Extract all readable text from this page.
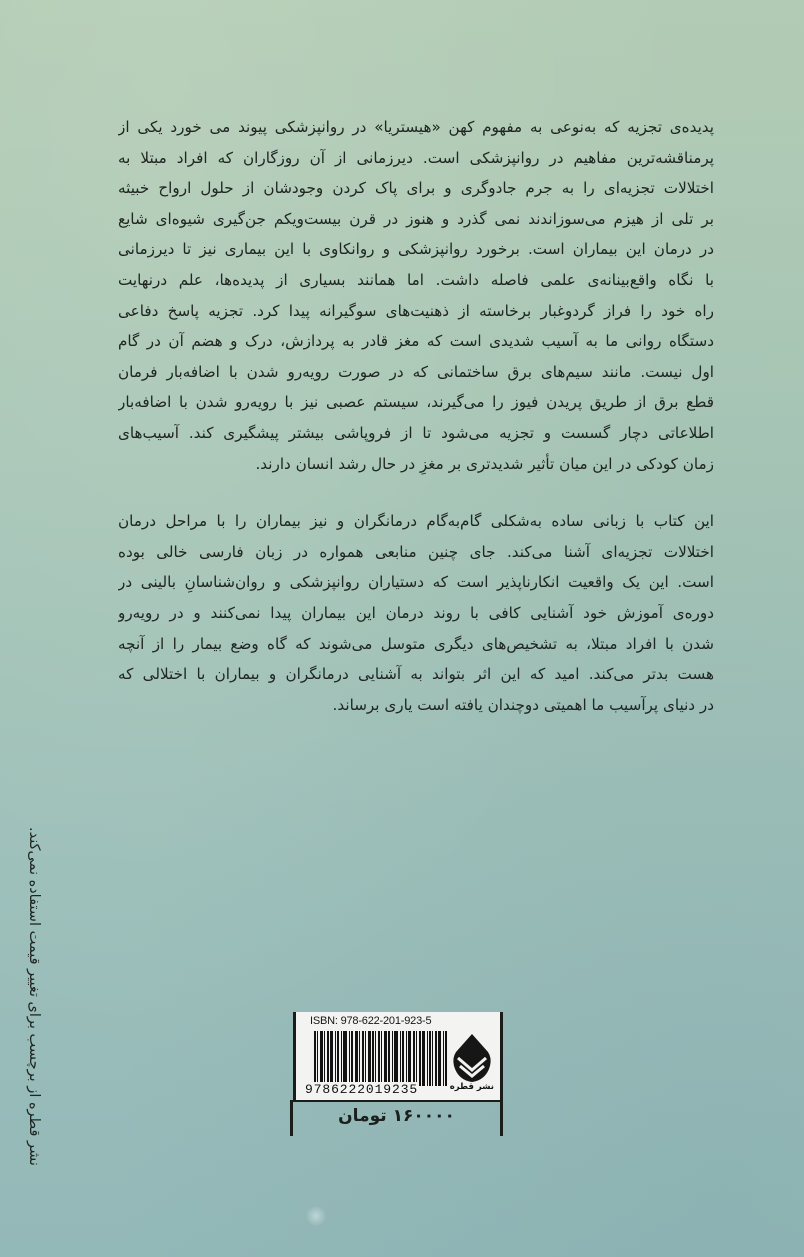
پدیده‌ی تجزیه که به‌نوعی به مفهوم کهن «هیستریا» در روانپزشکی پیوند می خورد یکی از
پرمناقشه‌ترین مفاهیم در روانپزشکی است. دیرزمانی از آن روزگاران که افراد مبتلا به
اختلالات تجزیه‌ای را به جرم جادوگری و برای پاک کردن وجودشان از حلول ارواح خبیثه
بر تلی از هیزم می‌سوزاندند نمی گذرد و هنوز در قرن بیست‌ویکم جن‌گیری شیوه‌ای شایع
در درمان این بیماران است. برخورد روانپزشکی و روانکاوی با این بیماری نیز تا دیرزمانی
با نگاه واقع‌بینانه‌ی علمی فاصله داشت. اما همانند بسیاری از پدیده‌ها، علم درنهایت
راه خود را فراز گردوغبار برخاسته از ذهنیت‌های سوگیرانه پیدا کرد. تجزیه پاسخ دفاعی
دستگاه روانی ما به آسیب شدیدی است که مغز قادر به پردازش، درک و هضم آن در گام
اول نیست. مانند سیم‌های برق ساختمانی که در صورت رویه‌رو شدن با اضافه‌بار فرمان
قطع برق از طریق پریدن فیوز را می‌گیرند، سیستم عصبی نیز با رویه‌رو شدن با اضافه‌بار
اطلاعاتی دچار گسست و تجزیه می‌شود تا از فروپاشی بیشتر پیشگیری کند. آسیب‌های
زمان کودکی در این میان تأثیر شدیدتری بر مغزِ در حال رشد انسان دارند.

این کتاب با زبانی ساده به‌شکلی گام‌به‌گام درمانگران و نیز بیماران را با مراحل درمان
اختلالات تجزیه‌ای آشنا می‌کند. جای چنین منابعی همواره در زبان فارسی خالی بوده
است. این یک واقعیت انکارناپذیر است که دستیاران روانپزشکی و روان‌شناسانِ بالینی در
دوره‌ی آموزش خود آشنایی کافی با روند درمان این بیماران پیدا نمی‌کنند و در رویه‌رو
شدن با افراد مبتلا، به تشخیص‌های دیگری متوسل می‌شوند که گاه وضع بیمار را از آنچه
هست بدتر می‌کند. امید که این اثر بتواند به آشنایی درمانگران و بیماران با اختلالی که
در دنیای پرآسیب ما اهمیتی دوچندان یافته است یاری برساند.

نشر قطره از برچسب برای تغییر قیمت استفاده نمی‌کند.	ISBN: 978-622-201-923-5
9786222019235	نشر قطره
۱۶۰۰۰۰ تومان
